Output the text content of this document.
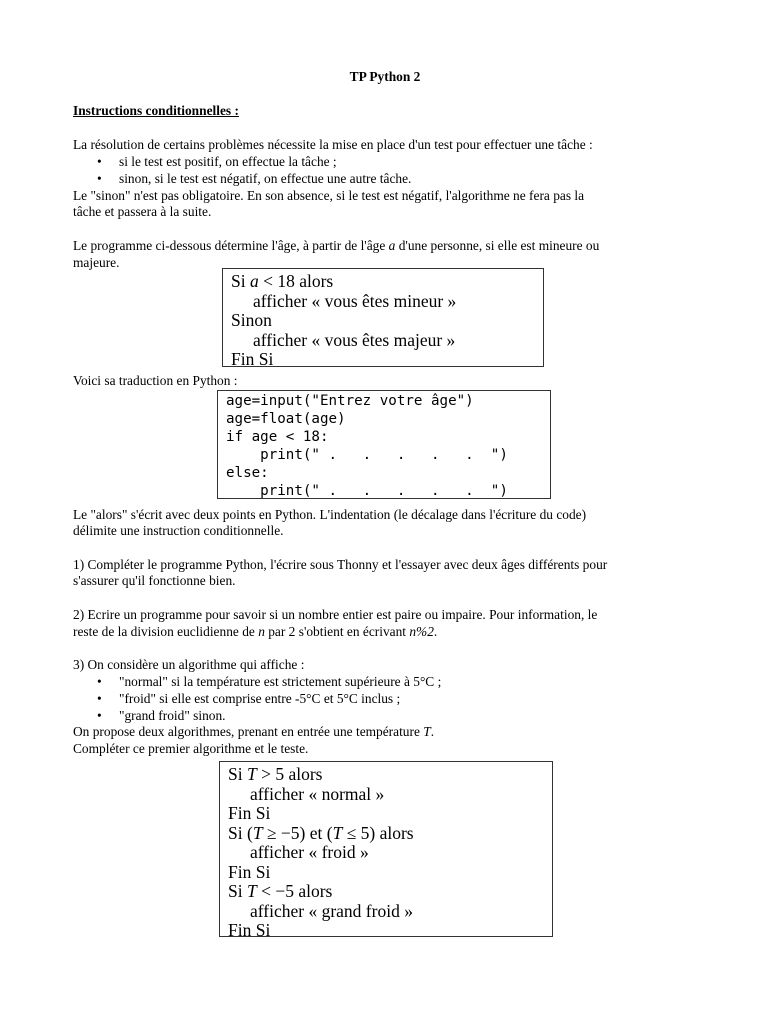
TP Python 2
Instructions conditionnelles :
La résolution de certains problèmes nécessite la mise en place d'un test pour effectuer une tâche :
• si le test est positif, on effectue la tâche ;
• sinon, si le test est négatif, on effectue une autre tâche.
Le "sinon" n'est pas obligatoire. En son absence, si le test est négatif, l'algorithme ne fera pas la
tâche et passera à la suite.
Le programme ci-dessous détermine l'âge, à partir de l'âge a d'une personne, si elle est mineure ou
majeure.
Si a < 18 alors
afficher « vous êtes mineur »
Sinon
afficher « vous êtes majeur »
Fin Si
Voici sa traduction en Python :
age=input("Entrez votre âge")
age=float(age)
if age < 18:
print(" .   .   .   .   .  ")
else:
print(" .   .   .   .   .  ")
Le "alors" s'écrit avec deux points en Python. L'indentation (le décalage dans l'écriture du code)
délimite une instruction conditionnelle.
1) Compléter le programme Python, l'écrire sous Thonny et l'essayer avec deux âges différents pour
s'assurer qu'il fonctionne bien.
2) Ecrire un programme pour savoir si un nombre entier est paire ou impaire. Pour information, le
reste de la division euclidienne de n par 2 s'obtient en écrivant n%2.
3) On considère un algorithme qui affiche :
• "normal" si la température est strictement supérieure à 5°C ;
• "froid" si elle est comprise entre -5°C et 5°C inclus ;
• "grand froid" sinon.
On propose deux algorithmes, prenant en entrée une température T.
Compléter ce premier algorithme et le teste.
Si T > 5 alors
afficher « normal »
Fin Si
Si (T ≥ −5) et (T ≤ 5) alors
afficher « froid »
Fin Si
Si T < −5 alors
afficher « grand froid »
Fin Si
